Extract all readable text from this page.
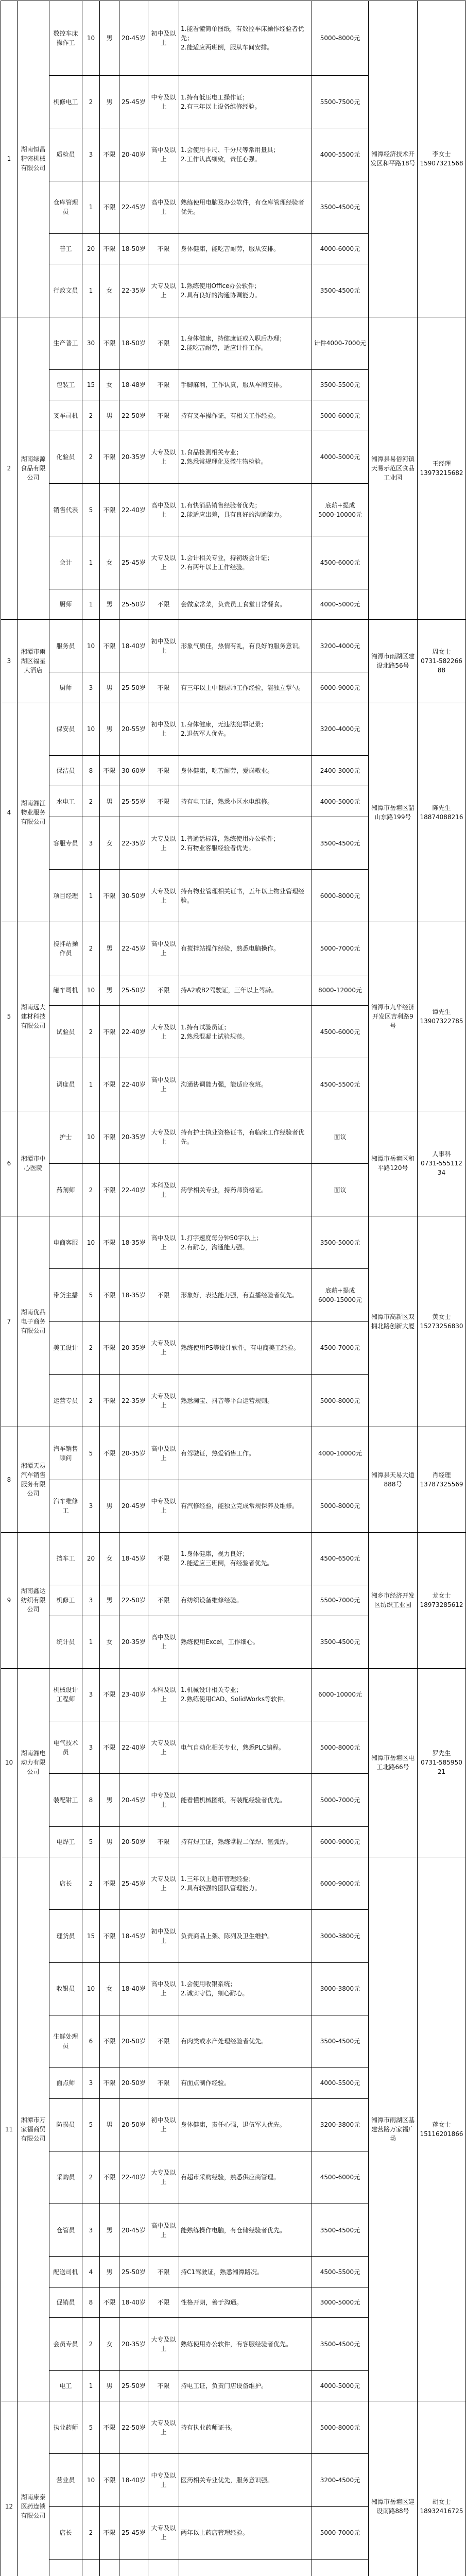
1	湖南恒昌精密机械有限公司	数控车床操作工	10	男	20-45岁	初中及以上	1.能看懂简单图纸，有数控车床操作经验者优先；
2.能适应两班倒，服从车间安排。	5000-8000元	湘潭经济技术开发区和平路18号	李女士
15907321568
		机修电工	2	男	25-45岁	中专及以上	1.持有低压电工操作证；
2.有三年以上设备维修经验。	5500-7500元		
		质检员	3	不限	20-40岁	高中及以上	1.会使用卡尺、千分尺等常用量具；
2.工作认真细致，责任心强。	4000-5500元		
		仓库管理员	1	不限	22-45岁	高中及以上	熟练使用电脑及办公软件，有仓库管理经验者优先。	3500-4500元		
		普工	20	不限	18-50岁	不限	身体健康，能吃苦耐劳，服从安排。	4000-6000元		
		行政文员	1	女	22-35岁	大专及以上	1.熟练使用Office办公软件；
2.具有良好的沟通协调能力。	3500-4500元		
2	湖南绿源食品有限公司	生产普工	30	不限	18-50岁	不限	1.身体健康，持健康证或入职后办理；
2.能吃苦耐劳，适应计件工作。	计件4000-7000元	湘潭县易俗河镇天易示范区食品工业园	王经理
13973215682
		包装工	15	女	18-48岁	不限	手脚麻利，工作认真，服从车间安排。	3500-5500元		
		叉车司机	2	男	22-50岁	不限	持有叉车操作证，有相关工作经验。	5000-6000元		
		化验员	2	不限	20-35岁	大专及以上	1.食品检测相关专业；
2.熟悉常规理化及微生物检验。	4000-5000元		
		销售代表	5	不限	22-40岁	高中及以上	1.有快消品销售经验者优先；
2.能适应出差，具有良好的沟通能力。	底薪+提成
5000-10000元		
		会计	1	女	25-45岁	大专及以上	1.会计相关专业，持初级会计证；
2.有两年以上工作经验。	4500-6000元		
		厨师	1	男	25-50岁	不限	会做家常菜，负责员工食堂日常餐食。	4000-5000元		
3	湘潭市雨湖区福星大酒店	服务员	10	不限	18-40岁	初中及以上	形象气质佳，热情有礼，有良好的服务意识。	3200-4000元	湘潭市雨湖区建设北路56号	周女士
0731-58226688
		厨师	3	男	25-50岁	不限	有三年以上中餐厨师工作经验，能独立掌勺。	6000-9000元		
4	湖南湘江物业服务有限公司	保安员	10	男	20-55岁	初中及以上	1.身体健康，无违法犯罪记录；
2.退伍军人优先。	3200-4000元	湘潭市岳塘区韶山东路199号	陈先生
18874088216
		保洁员	8	不限	30-60岁	不限	身体健康，吃苦耐劳，爱岗敬业。	2400-3000元		
		水电工	2	男	25-55岁	不限	持有电工证，熟悉小区水电维修。	4000-5000元		
		客服专员	3	女	22-35岁	大专及以上	1.普通话标准，熟练使用办公软件；
2.有物业客服经验者优先。	3500-4500元		
		项目经理	1	不限	30-50岁	大专及以上	持有物业管理相关证书，五年以上物业管理经验。	6000-8000元		
5	湖南远大建材科技有限公司	搅拌站操作员	2	男	22-45岁	高中及以上	有搅拌站操作经验，熟悉电脑操作。	5000-7000元	湘潭市九华经济开发区吉利路9号	谭先生
13907322785
		罐车司机	10	男	25-50岁	不限	持A2或B2驾驶证，三年以上驾龄。	8000-12000元		
		试验员	2	不限	22-40岁	大专及以上	1.持有试验员证；
2.熟悉混凝土试验规范。	4500-6000元		
		调度员	1	不限	22-40岁	高中及以上	沟通协调能力强，能适应夜班。	4500-5500元		
6	湘潭市中心医院	护士	10	不限	20-35岁	大专及以上	持有护士执业资格证书，有临床工作经验者优先。	面议	湘潭市岳塘区和平路120号	人事科
0731-55511234
		药剂师	2	不限	22-40岁	本科及以上	药学相关专业，持药师资格证。	面议		
7	湖南优品电子商务有限公司	电商客服	10	不限	18-35岁	高中及以上	1.打字速度每分钟50字以上；
2.有耐心，沟通能力强。	3500-5000元	湘潭市高新区双拥北路创新大厦	黄女士
15273256830
		带货主播	5	不限	18-35岁	不限	形象好，表达能力强，有直播经验者优先。	底薪+提成
6000-15000元		
		美工设计	2	不限	20-35岁	大专及以上	熟练使用PS等设计软件，有电商美工经验。	4500-7000元		
		运营专员	2	不限	22-35岁	大专及以上	熟悉淘宝、抖音等平台运营规则。	5000-8000元		
8	湘潭天易汽车销售服务有限公司	汽车销售顾问	5	不限	20-35岁	高中及以上	有驾驶证，热爱销售工作。	4000-10000元	湘潭县天易大道888号	肖经理
13787325569
		汽车维修工	3	男	20-45岁	中专及以上	有汽修经验，能独立完成常规保养及维修。	5000-8000元		
9	湖南鑫达纺织有限公司	挡车工	20	女	18-45岁	不限	1.身体健康，视力良好；
2.能适应三班倒，有经验者优先。	4500-6500元	湘乡市经济开发区纺织工业园	龙女士
18973285612
		机修工	3	男	22-50岁	不限	有纺织设备维修经验。	5500-7000元		
		统计员	1	女	20-35岁	高中及以上	熟练使用Excel，工作细心。	3500-4500元		
10	湖南湘电动力有限公司	机械设计工程师	3	不限	23-40岁	本科及以上	1.机械设计相关专业；
2.熟练使用CAD、SolidWorks等软件。	6000-10000元	湘潭市岳塘区电工北路66号	罗先生
0731-58595021
		电气技术员	3	不限	22-40岁	大专及以上	电气自动化相关专业，熟悉PLC编程。	5000-8000元		
		装配钳工	8	男	20-45岁	中专及以上	能看懂机械图纸，有装配经验者优先。	5000-7000元		
		电焊工	5	男	20-50岁	不限	持有焊工证，熟练掌握二保焊、氩弧焊。	6000-9000元		
11	湘潭市万家福商贸有限公司	店长	2	不限	25-45岁	大专及以上	1.三年以上超市管理经验；
2.具有较强的团队管理能力。	6000-9000元	湘潭市雨湖区基建营路万家福广场	蒋女士
15116201866
		理货员	15	不限	18-45岁	初中及以上	负责商品上架、陈列及卫生维护。	3000-3800元		
		收银员	10	女	18-40岁	高中及以上	1.会使用收银系统；
2.诚实守信，细心耐心。	3000-3800元		
		生鲜处理员	6	不限	20-50岁	不限	有肉类或水产处理经验者优先。	3500-4500元		
		面点师	3	不限	20-50岁	不限	有面点制作经验。	4000-5500元		
		防损员	5	男	20-50岁	初中及以上	身体健康，责任心强，退伍军人优先。	3200-3800元		
		采购员	2	不限	22-40岁	大专及以上	有超市采购经验，熟悉供应商管理。	4500-6000元		
		仓管员	3	男	20-45岁	高中及以上	能熟练操作电脑，有仓储经验者优先。	3500-4500元		
		配送司机	4	男	25-50岁	不限	持C1驾驶证，熟悉湘潭路况。	4500-5500元		
		促销员	8	不限	18-40岁	不限	性格开朗，善于沟通。	3000-5000元		
		会员专员	2	女	20-35岁	大专及以上	熟练使用办公软件，有客服经验者优先。	3500-4500元		
		电工	1	男	25-50岁	不限	持电工证，负责门店设备维护。	4000-5000元		
12	湖南康泰医药连锁有限公司	执业药师	5	不限	22-50岁	大专及以上	持有执业药师证书。	5000-8000元	湘潭市岳塘区建设南路88号	胡女士
18932416725
		营业员	10	不限	18-40岁	中专及以上	医药相关专业优先，服务意识强。	3200-4500元		
		店长	2	不限	25-45岁	大专及以上	两年以上药店管理经验。	5000-7000元		
